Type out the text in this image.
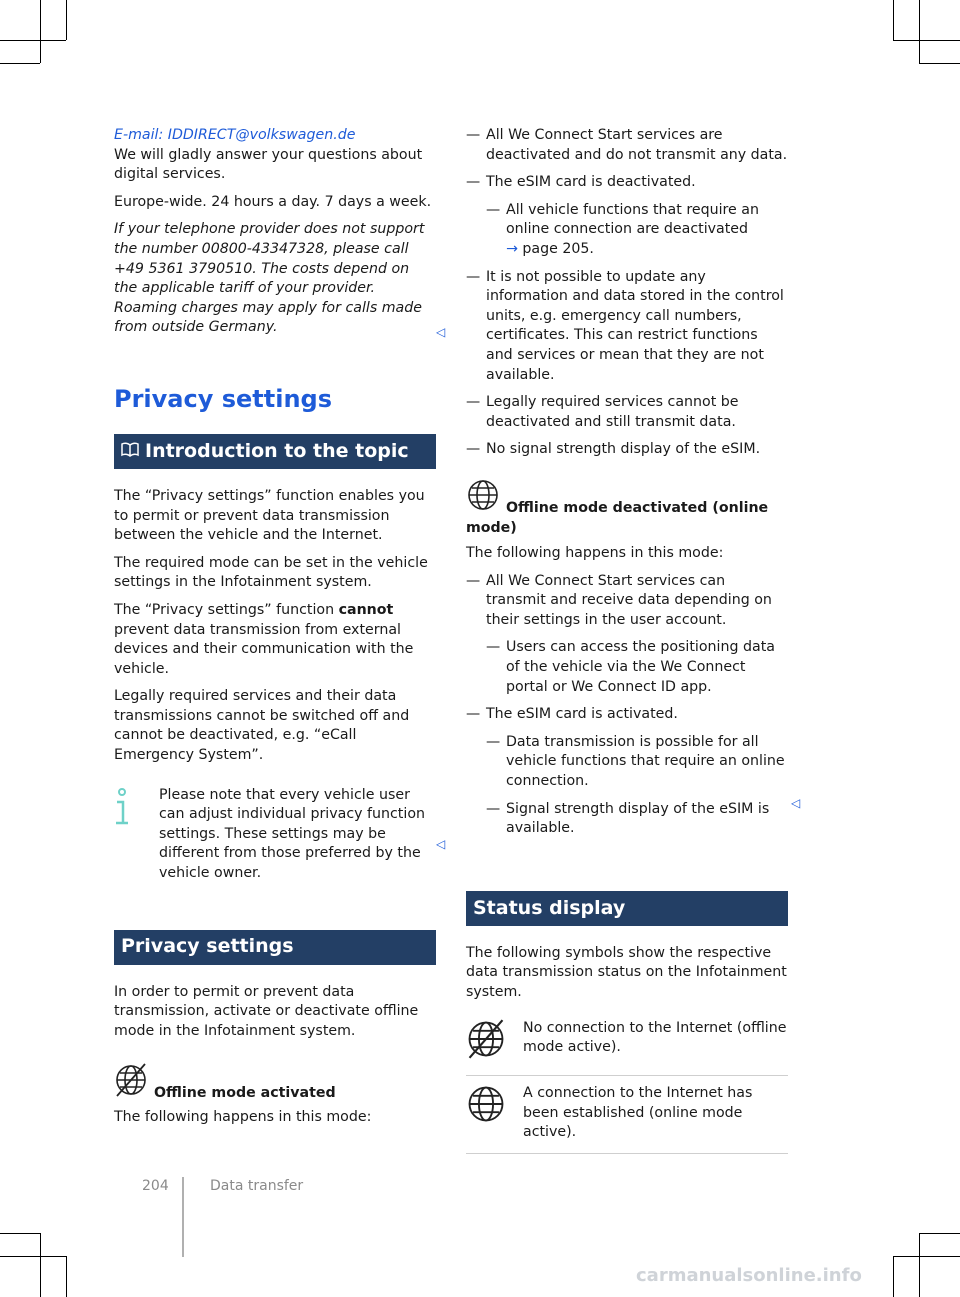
E-mail: IDDIRECT@volkswagen.de

We will gladly answer your questions about digital services.

Europe-wide. 24 hours a day. 7 days a week.

If your telephone provider does not support the number 00800-43347328, please call +49 5361 3790510. The costs depend on the applicable tariff of your provider. Roaming charges may apply for calls made from outside Germany.

Privacy settings
Introduction to the topic

The “Privacy settings” function enables you to permit or prevent data transmission between the vehicle and the Internet.

The required mode can be set in the vehicle settings in the Infotainment system.

The “Privacy settings” function cannot prevent data transmission from external devices and their communication with the vehicle.

Legally required services and their data transmissions cannot be switched off and cannot be deactivated, e.g. “eCall Emergency System”.

Please note that every vehicle user can adjust individual privacy function settings. These settings may be different from those preferred by the vehicle owner.
Privacy settings

In order to permit or prevent data transmission, activate or deactivate offline mode in the Infotainment system.

Offline mode activated

The following happens in this mode:

◁
◁
◁
— All We Connect Start services are deactivated and do not transmit any data.
— The eSIM card is deactivated.
— All vehicle functions that require an online connection are deactivated
→ page 205.
— It is not possible to update any information and data stored in the control units, e.g. emergency call numbers, certificates. This can restrict functions and services or mean that they are not available.
— Legally required services cannot be deactivated and still transmit data.
— No signal strength display of the eSIM.
Offline mode deactivated (online mode)

The following happens in this mode:

— All We Connect Start services can transmit and receive data depending on their settings in the user account.
— Users can access the positioning data of the vehicle via the We Connect portal or We Connect ID app.
— The eSIM card is activated.
— Data transmission is possible for all vehicle functions that require an online connection.
— Signal strength display of the eSIM is available.
Status display

The following symbols show the respective data transmission status on the Infotainment system.

No connection to the Internet (offline mode active).
A connection to the Internet has been established (online mode active).
204	Data transfer
carmanualsonline.info
